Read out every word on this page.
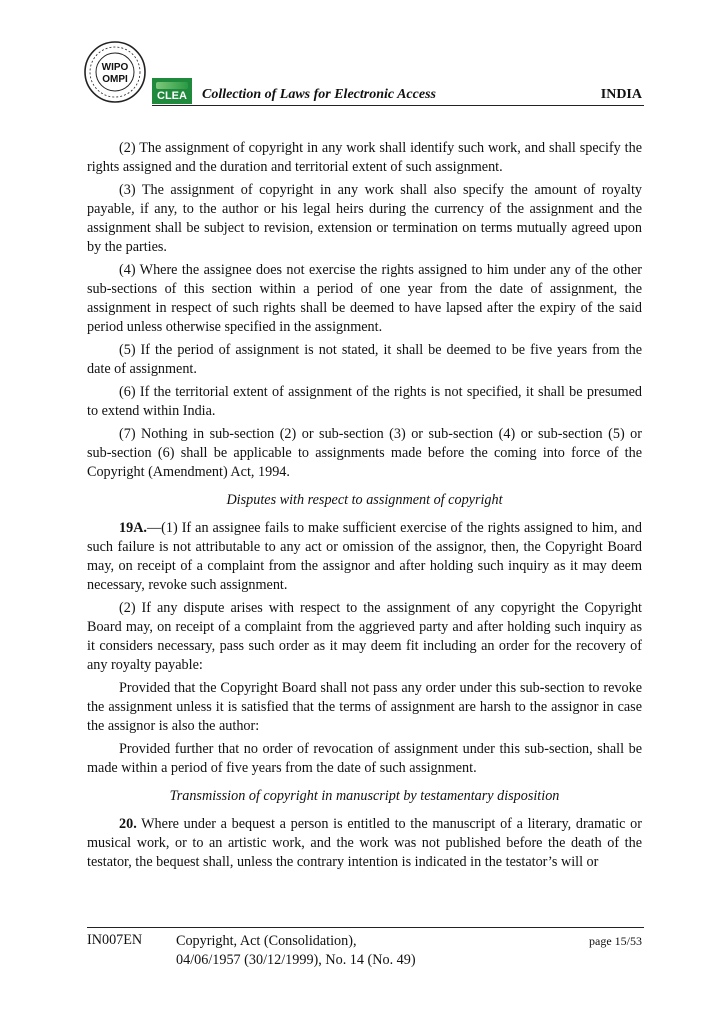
WIPO
OMPI
CLEA Collection of Laws for Electronic Access	INDIA

(2) The assignment of copyright in any work shall identify such work, and shall specify the rights assigned and the duration and territorial extent of such assignment.

(3) The assignment of copyright in any work shall also specify the amount of royalty payable, if any, to the author or his legal heirs during the currency of the assignment and the assignment shall be subject to revision, extension or termination on terms mutually agreed upon by the parties.

(4) Where the assignee does not exercise the rights assigned to him under any of the other sub-sections of this section within a period of one year from the date of assignment, the assignment in respect of such rights shall be deemed to have lapsed after the expiry of the said period unless otherwise specified in the assignment.

(5) If the period of assignment is not stated, it shall be deemed to be five years from the date of assignment.

(6) If the territorial extent of assignment of the rights is not specified, it shall be presumed to extend within India.

(7) Nothing in sub-section (2) or sub-section (3) or sub-section (4) or sub-section (5) or sub-section (6) shall be applicable to assignments made before the coming into force of the Copyright (Amendment) Act, 1994.

Disputes with respect to assignment of copyright

19A.—(1) If an assignee fails to make sufficient exercise of the rights assigned to him, and such failure is not attributable to any act or omission of the assignor, then, the Copyright Board may, on receipt of a complaint from the assignor and after holding such inquiry as it may deem necessary, revoke such assignment.

(2) If any dispute arises with respect to the assignment of any copyright the Copyright Board may, on receipt of a complaint from the aggrieved party and after holding such inquiry as it considers necessary, pass such order as it may deem fit including an order for the recovery of any royalty payable:

Provided that the Copyright Board shall not pass any order under this sub-section to revoke the assignment unless it is satisfied that the terms of assignment are harsh to the assignor in case the assignor is also the author:

Provided further that no order of revocation of assignment under this sub-section, shall be made within a period of five years from the date of such assignment.

Transmission of copyright in manuscript by testamentary disposition

20. Where under a bequest a person is entitled to the manuscript of a literary, dramatic or musical work, or to an artistic work, and the work was not published before the death of the testator, the bequest shall, unless the contrary intention is indicated in the testator’s will or

IN007EN Copyright, Act (Consolidation),
04/06/1957 (30/12/1999), No. 14 (No. 49)
page 15/53
